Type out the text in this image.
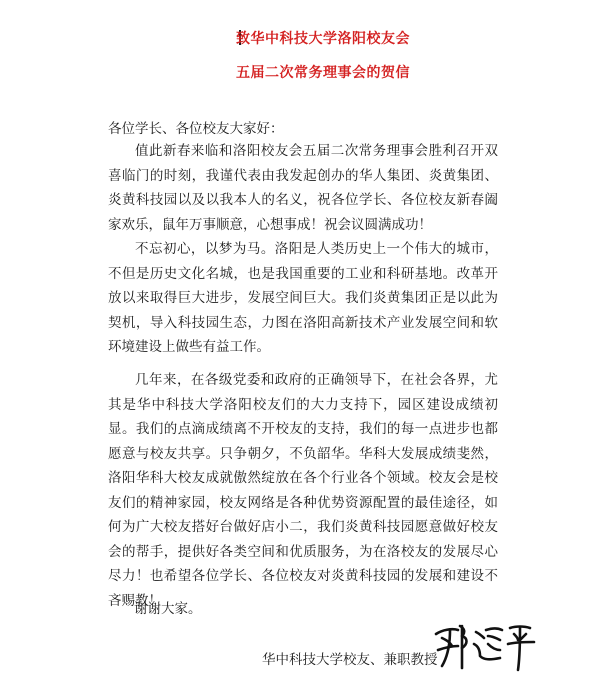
致华中科技大学洛阳校友会
五届二次常务理事会的贺信
各位学长、各位校友大家好：

值此新春来临和洛阳校友会五届二次常务理事会胜利召开双喜临门的时刻，我谨代表由我发起创办的华人集团、炎黄集团、炎黄科技园以及以我本人的名义，祝各位学长、各位校友新春阖家欢乐，鼠年万事顺意，心想事成！祝会议圆满成功！

不忘初心，以梦为马。洛阳是人类历史上一个伟大的城市，不但是历史文化名城，也是我国重要的工业和科研基地。改革开放以来取得巨大进步，发展空间巨大。我们炎黄集团正是以此为契机，导入科技园生态，力图在洛阳高新技术产业发展空间和软环境建设上做些有益工作。

几年来，在各级党委和政府的正确领导下，在社会各界，尤其是华中科技大学洛阳校友们的大力支持下，园区建设成绩初显。我们的点滴成绩离不开校友的支持，我们的每一点进步也都愿意与校友共享。只争朝夕，不负韶华。华科大发展成绩斐然，洛阳华科大校友成就傲然绽放在各个行业各个领域。校友会是校友们的精神家园，校友网络是各种优势资源配置的最佳途径，如何为广大校友搭好台做好店小二，我们炎黄科技园愿意做好校友会的帮手，提供好各类空间和优质服务，为在洛校友的发展尽心尽力！也希望各位学长、各位校友对炎黄科技园的发展和建设不吝赐教！

谢谢大家。
华中科技大学校友、兼职教授
